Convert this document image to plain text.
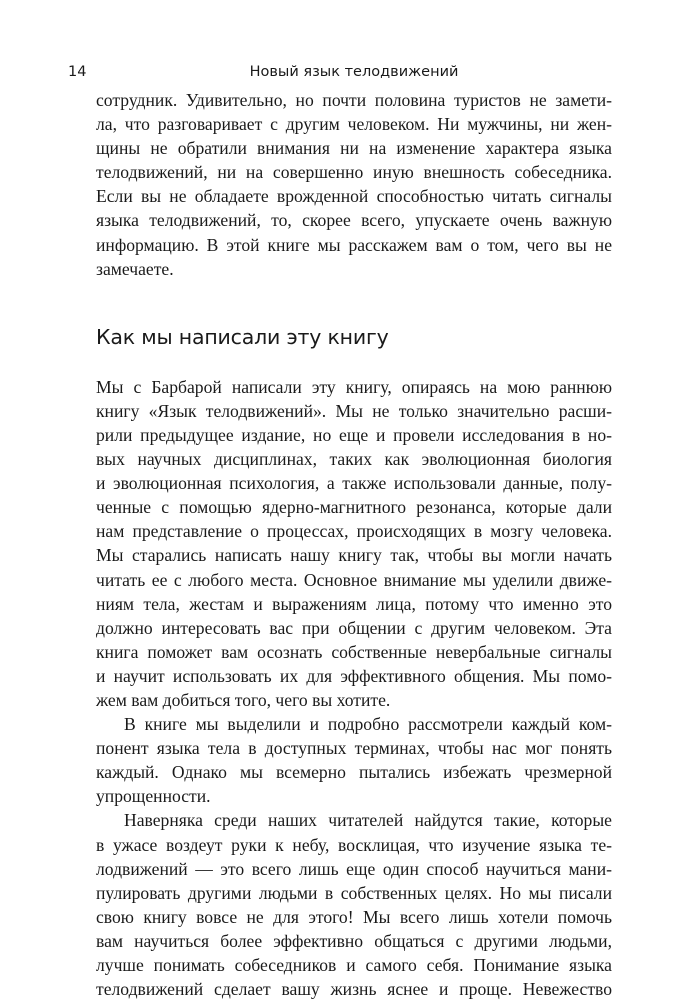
14	Новый язык телодвижений

сотрудник. Удивительно, но почти половина туристов не замети-
ла, что разговаривает с другим человеком. Ни мужчины, ни жен-
щины не обратили внимания ни на изменение характера языка
телодвижений, ни на совершенно иную внешность собеседника.
Если вы не обладаете врожденной способностью читать сигналы
языка телодвижений, то, скорее всего, упускаете очень важную
информацию. В этой книге мы расскажем вам о том, чего вы не
замечаете.

Как мы написали эту книгу

Мы с Барбарой написали эту книгу, опираясь на мою раннюю
книгу «Язык телодвижений». Мы не только значительно расши-
рили предыдущее издание, но еще и провели исследования в но-
вых научных дисциплинах, таких как эволюционная биология
и эволюционная психология, а также использовали данные, полу-
ченные с помощью ядерно-магнитного резонанса, которые дали
нам представление о процессах, происходящих в мозгу человека.
Мы старались написать нашу книгу так, чтобы вы могли начать
читать ее с любого места. Основное внимание мы уделили движе-
ниям тела, жестам и выражениям лица, потому что именно это
должно интересовать вас при общении с другим человеком. Эта
книга поможет вам осознать собственные невербальные сигналы
и научит использовать их для эффективного общения. Мы помо-
жем вам добиться того, чего вы хотите.

В книге мы выделили и подробно рассмотрели каждый ком-
понент языка тела в доступных терминах, чтобы нас мог понять
каждый. Однако мы всемерно пытались избежать чрезмерной
упрощенности.

Наверняка среди наших читателей найдутся такие, которые
в ужасе воздеут руки к небу, восклицая, что изучение языка те-
лодвижений — это всего лишь еще один способ научиться мани-
пулировать другими людьми в собственных целях. Но мы писали
свою книгу вовсе не для этого! Мы всего лишь хотели помочь
вам научиться более эффективно общаться с другими людьми,
лучше понимать собеседников и самого себя. Понимание языка
телодвижений сделает вашу жизнь яснее и проще. Невежество
